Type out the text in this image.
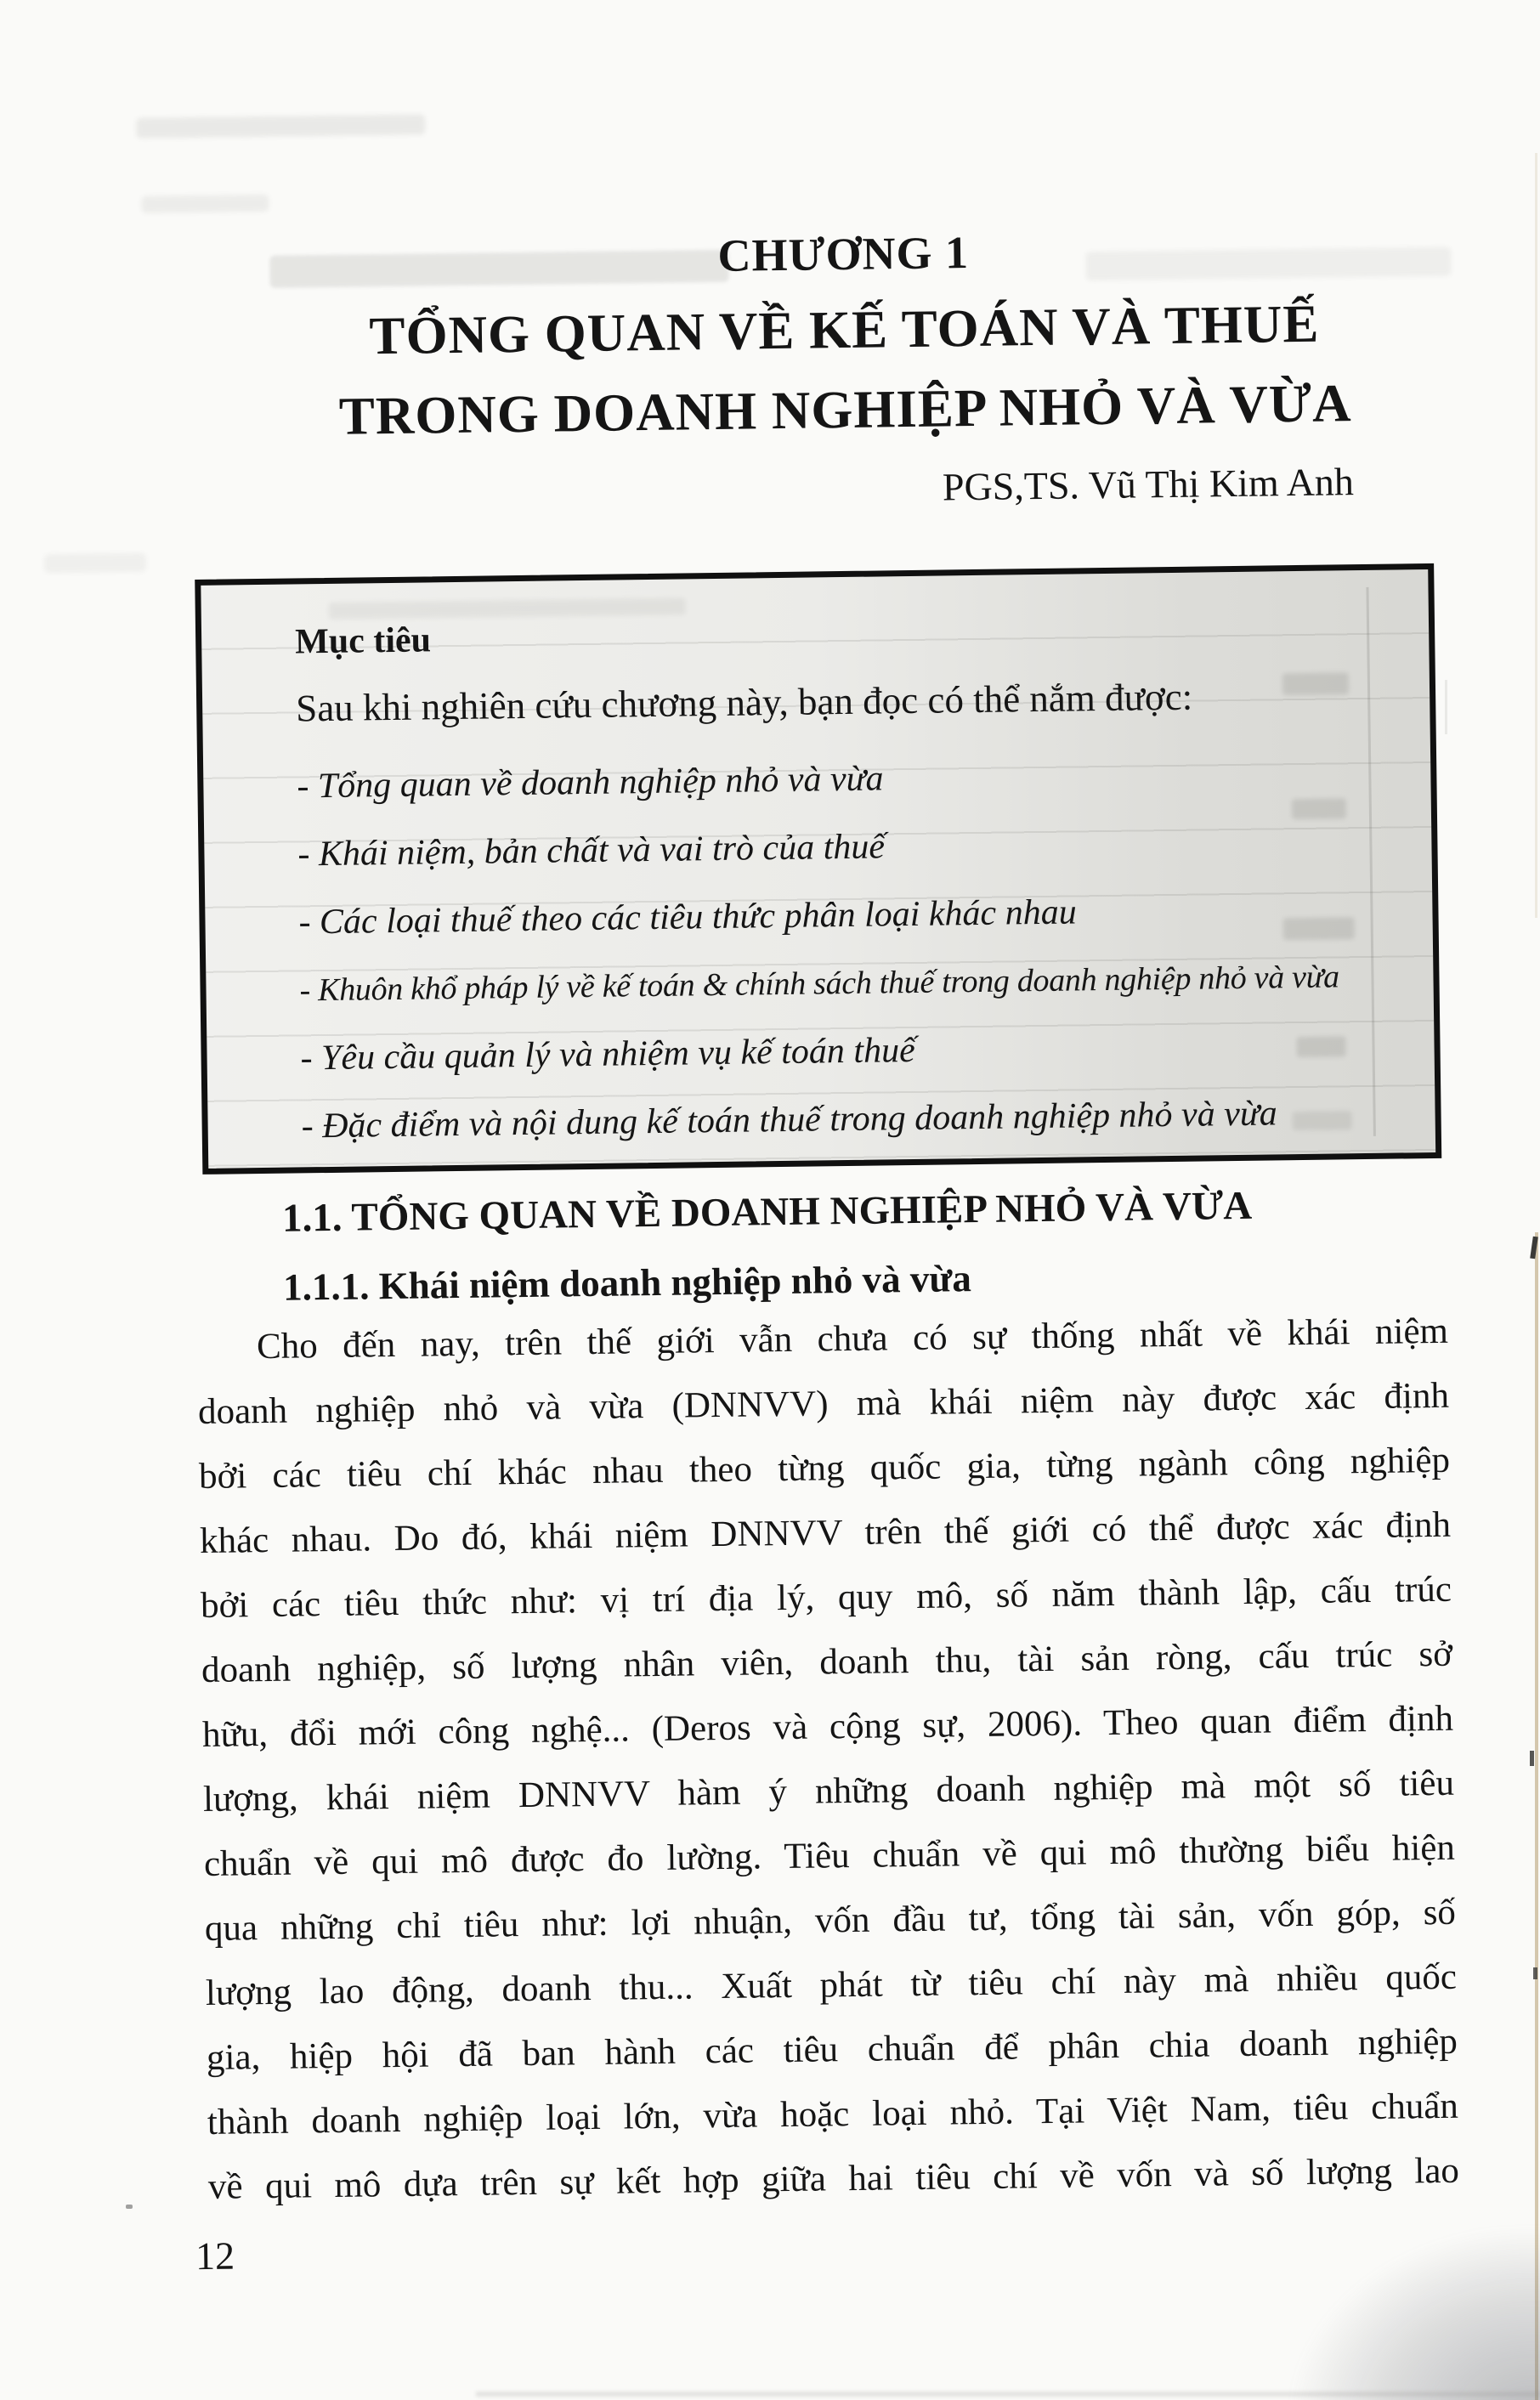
CHƯƠNG 1
TỔNG QUAN VỀ KẾ TOÁN VÀ THUẾ
TRONG DOANH NGHIỆP NHỎ VÀ VỪA
PGS,TS. Vũ Thị Kim Anh
Mục tiêu
Sau khi nghiên cứu chương này, bạn đọc có thể nắm được:
- Tổng quan về doanh nghiệp nhỏ và vừa
- Khái niệm, bản chất và vai trò của thuế
- Các loại thuế theo các tiêu thức phân loại khác nhau
- Khuôn khổ pháp lý về kế toán & chính sách thuế trong doanh nghiệp nhỏ và vừa
- Yêu cầu quản lý và nhiệm vụ kế toán thuế
- Đặc điểm và nội dung kế toán thuế trong doanh nghiệp nhỏ và vừa
1.1. TỔNG QUAN VỀ DOANH NGHIỆP NHỎ VÀ VỪA
1.1.1. Khái niệm doanh nghiệp nhỏ và vừa
Cho đến nay, trên thế giới vẫn chưa có sự thống nhất về khái niệm
doanh nghiệp nhỏ và vừa (DNNVV) mà khái niệm này được xác định
bởi các tiêu chí khác nhau theo từng quốc gia, từng ngành công nghiệp
khác nhau. Do đó, khái niệm DNNVV trên thế giới có thể được xác định
bởi các tiêu thức như: vị trí địa lý, quy mô, số năm thành lập, cấu trúc
doanh nghiệp, số lượng nhân viên, doanh thu, tài sản ròng, cấu trúc sở
hữu, đổi mới công nghệ... (Deros và cộng sự, 2006). Theo quan điểm định
lượng, khái niệm DNNVV hàm ý những doanh nghiệp mà một số tiêu
chuẩn về qui mô được đo lường. Tiêu chuẩn về qui mô thường biểu hiện
qua những chỉ tiêu như: lợi nhuận, vốn đầu tư, tổng tài sản, vốn góp, số
lượng lao động, doanh thu... Xuất phát từ tiêu chí này mà nhiều quốc
gia, hiệp hội đã ban hành các tiêu chuẩn để phân chia doanh nghiệp
thành doanh nghiệp loại lớn, vừa hoặc loại nhỏ. Tại Việt Nam, tiêu chuẩn
về qui mô dựa trên sự kết hợp giữa hai tiêu chí về vốn và số lượng lao
12
